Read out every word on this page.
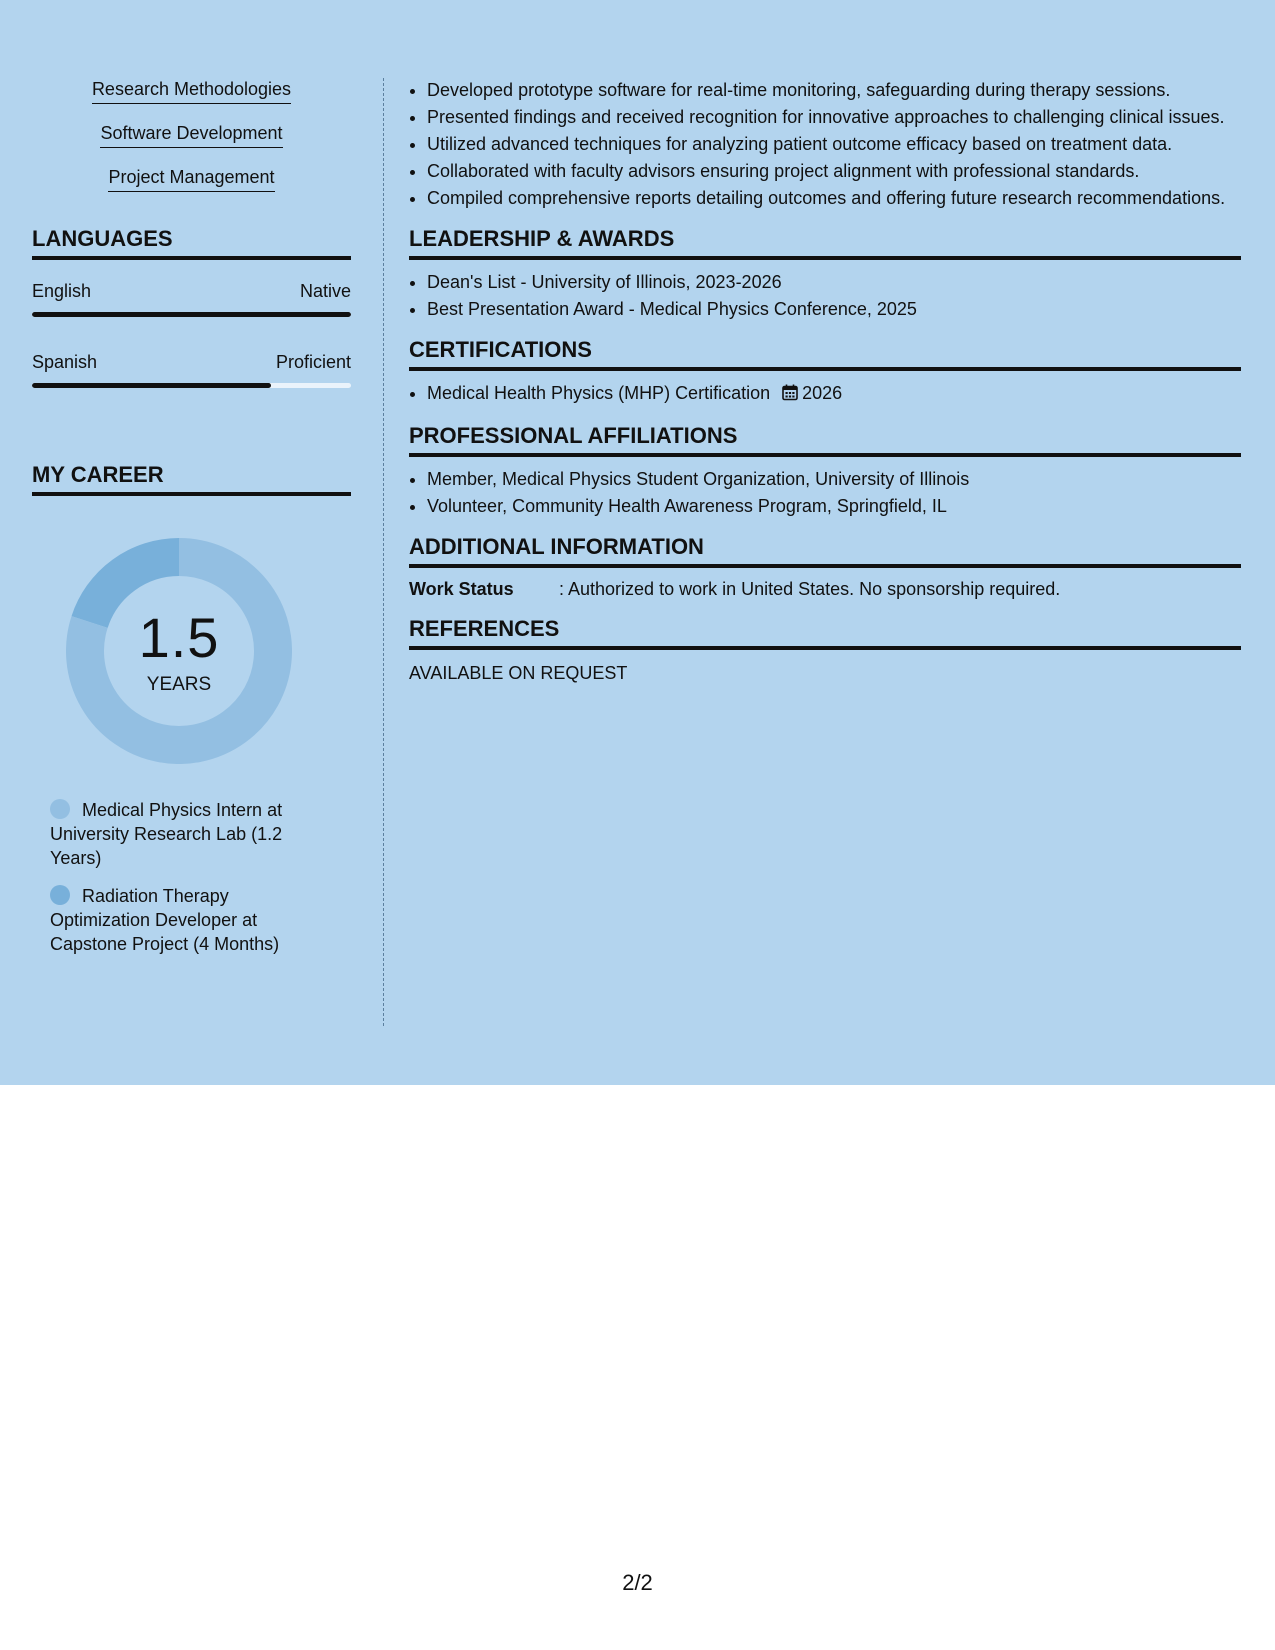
Research Methodologies
Software Development
Project Management
LANGUAGES
English	Native
Spanish	Proficient
MY CAREER
1.5
YEARS
Medical Physics Intern at University Research Lab (1.2 Years)
Radiation Therapy Optimization Developer at Capstone Project (4 Months)
• Developed prototype software for real-time monitoring, safeguarding during therapy sessions.
• Presented findings and received recognition for innovative approaches to challenging clinical issues.
• Utilized advanced techniques for analyzing patient outcome efficacy based on treatment data.
• Collaborated with faculty advisors ensuring project alignment with professional standards.
• Compiled comprehensive reports detailing outcomes and offering future research recommendations.
LEADERSHIP & AWARDS
• Dean's List - University of Illinois, 2023-2026
• Best Presentation Award - Medical Physics Conference, 2025
CERTIFICATIONS
• Medical Health Physics (MHP) Certification 2026
PROFESSIONAL AFFILIATIONS
• Member, Medical Physics Student Organization, University of Illinois
• Volunteer, Community Health Awareness Program, Springfield, IL
ADDITIONAL INFORMATION
Work Status	: Authorized to work in United States. No sponsorship required.
REFERENCES
AVAILABLE ON REQUEST
2/2
